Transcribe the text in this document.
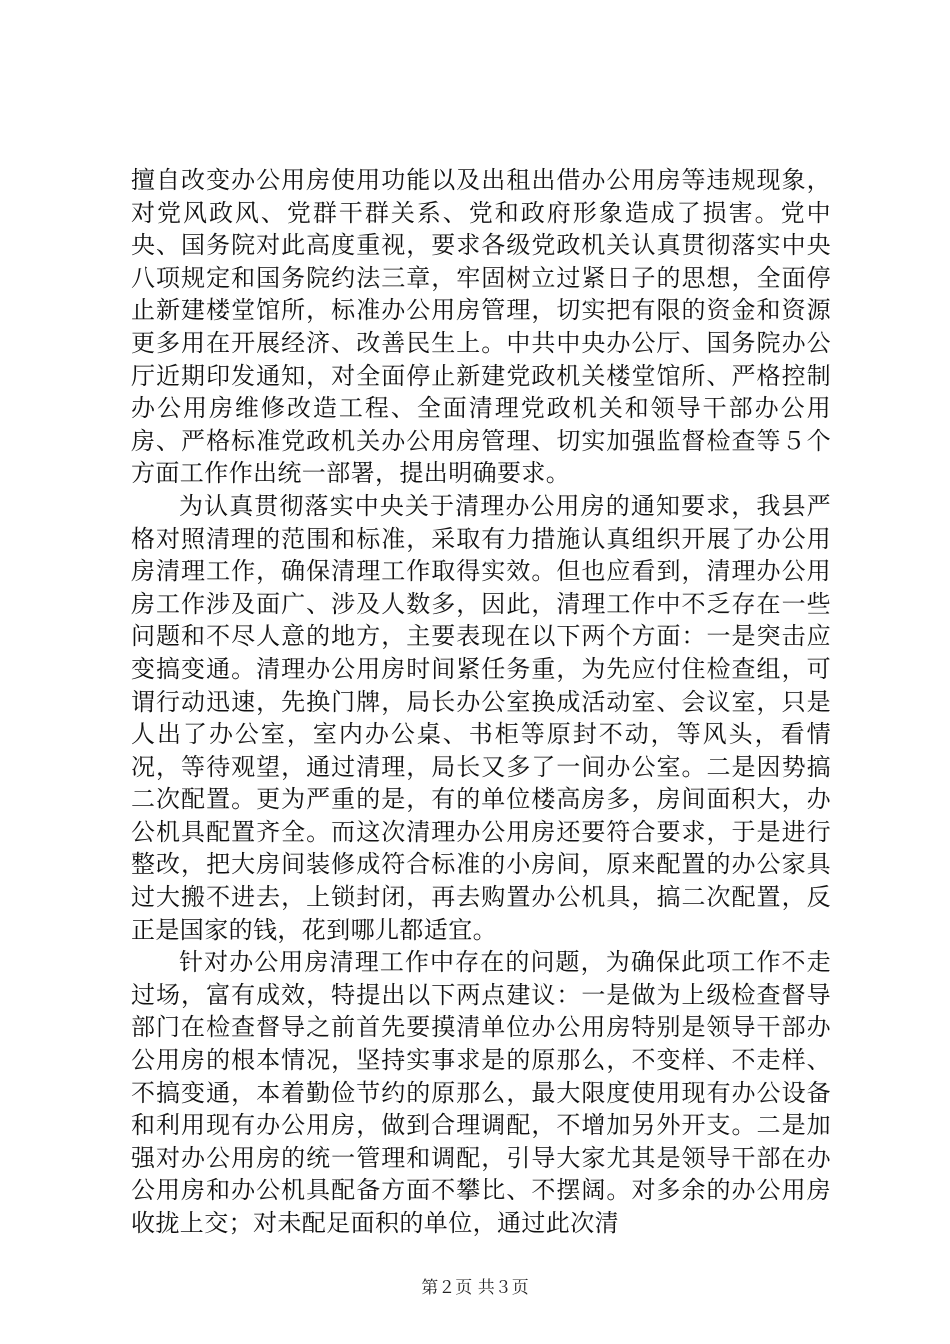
擅自改变办公用房使用功能以及出租出借办公用房等违规现象，对党风政风、党群干群关系、党和政府形象造成了损害。党中央、国务院对此高度重视，要求各级党政机关认真贯彻落实中央八项规定和国务院约法三章，牢固树立过紧日子的思想，全面停止新建楼堂馆所，标准办公用房管理，切实把有限的资金和资源更多用在开展经济、改善民生上。中共中央办公厅、国务院办公厅近期印发通知，对全面停止新建党政机关楼堂馆所、严格控制办公用房维修改造工程、全面清理党政机关和领导干部办公用房、严格标准党政机关办公用房管理、切实加强监督检查等５个方面工作作出统一部署，提出明确要求。

为认真贯彻落实中央关于清理办公用房的通知要求，我县严格对照清理的范围和标准，采取有力措施认真组织开展了办公用房清理工作，确保清理工作取得实效。但也应看到，清理办公用房工作涉及面广、涉及人数多，因此，清理工作中不乏存在一些问题和不尽人意的地方，主要表现在以下两个方面：一是突击应变搞变通。清理办公用房时间紧任务重，为先应付住检查组，可谓行动迅速，先换门牌，局长办公室换成活动室、会议室，只是人出了办公室，室内办公桌、书柜等原封不动，等风头，看情况，等待观望，通过清理，局长又多了一间办公室。二是因势搞二次配置。更为严重的是，有的单位楼高房多，房间面积大，办公机具配置齐全。而这次清理办公用房还要符合要求，于是进行整改，把大房间装修成符合标准的小房间，原来配置的办公家具过大搬不进去，上锁封闭，再去购置办公机具，搞二次配置，反正是国家的钱，花到哪儿都适宜。

针对办公用房清理工作中存在的问题，为确保此项工作不走过场，富有成效，特提出以下两点建议：一是做为上级检查督导部门在检查督导之前首先要摸清单位办公用房特别是领导干部办公用房的根本情况，坚持实事求是的原那么，不变样、不走样、不搞变通，本着勤俭节约的原那么，最大限度使用现有办公设备和利用现有办公用房，做到合理调配，不增加另外开支。二是加强对办公用房的统一管理和调配，引导大家尤其是领导干部在办公用房和办公机具配备方面不攀比、不摆阔。对多余的办公用房收拢上交；对未配足面积的单位，通过此次清

第２页 共３页
